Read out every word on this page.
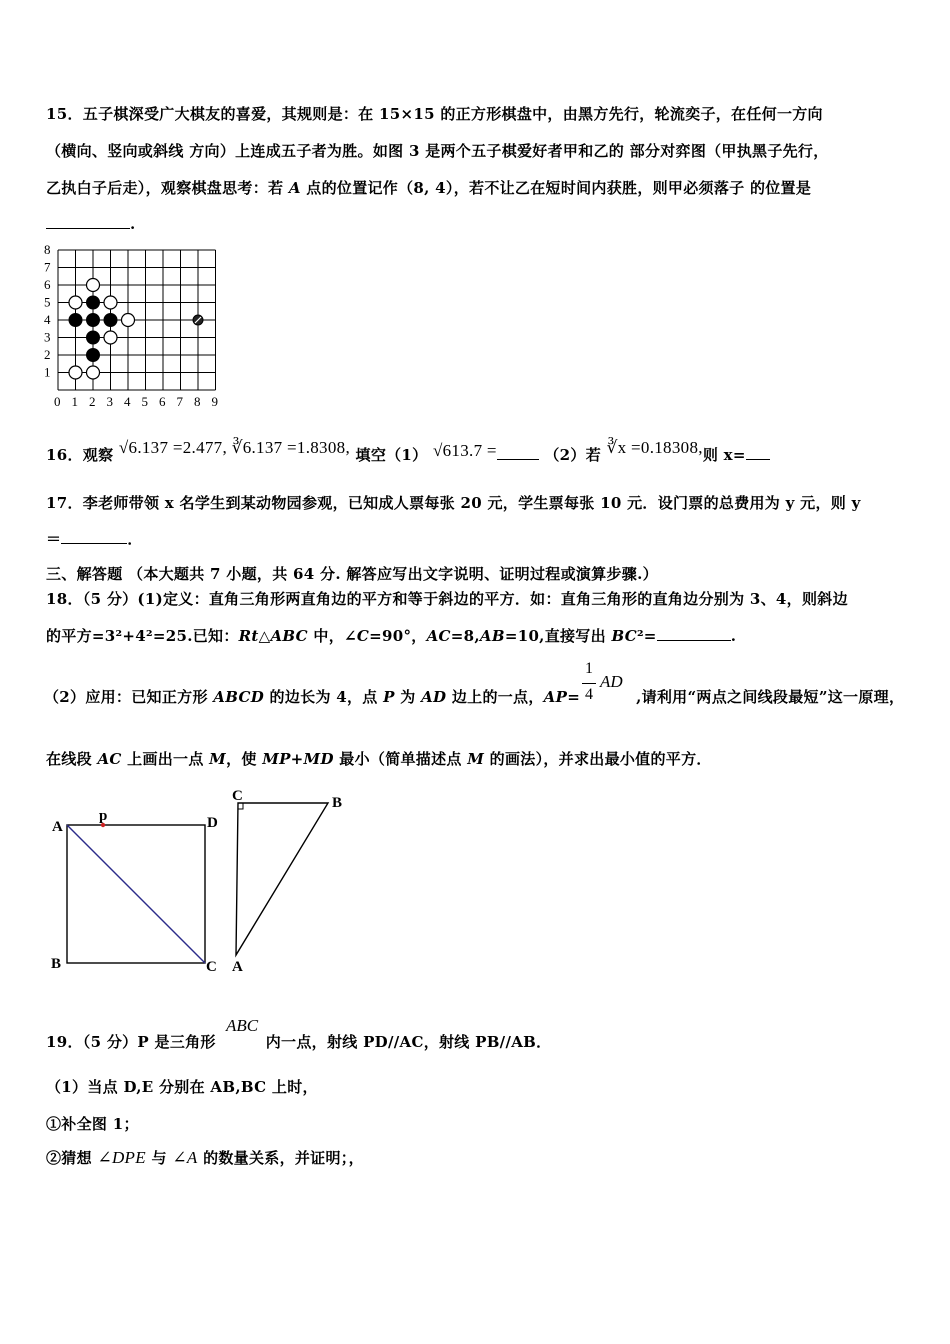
15．五子棋深受广大棋友的喜爱，其规则是：在 15×15 的正方形棋盘中，由黑方先行，轮流奕子，在任何一方向
（横向、竖向或斜线 方向）上连成五子者为胜。如图 3 是两个五子棋爱好者甲和乙的 部分对弈图（甲执黑子先行，
乙执白子后走），观察棋盘思考：若 A 点的位置记作（8, 4），若不让乙在短时间内获胜，则甲必须落子 的位置是
.
0 1 2 3 4 5 6 7 8 9
1
2
3
4
5
6
7
8
16．观察 √6.137 =2.477, ∛6.137 =1.8308, 填空（1） √613.7 =	（2）若 ∛x =0.18308,则 x=
17．李老师带领 x 名学生到某动物园参观，已知成人票每张 20 元，学生票每张 10 元．设门票的总费用为 y 元，则 y
＝	．
三、解答题 （本大题共 7 小题，共 64 分. 解答应写出文字说明、证明过程或演算步骤.）
18．（5 分）(1)定义：直角三角形两直角边的平方和等于斜边的平方．如：直角三角形的直角边分别为 3、4，则斜边
的平方=3²+4²=25.已知：Rt△ABC 中，∠C=90°，AC=8,AB=10,直接写出 BC²=	.
（2）应用：已知正方形 ABCD 的边长为 4，点 P 为 AD 边上的一点，AP=	,请利用“两点之间线段最短”这一原理，
1
4
AD
在线段 AC 上画出一点 M，使 MP+MD 最小（简单描述点 M 的画法），并求出最小值的平方．
A
p	D
B	C
C	B
A
19．（5 分）P 是三角形	内一点，射线 PD//AC，射线 PB//AB．
ABC
（1）当点 D,E 分别在 AB,BC 上时，
①补全图 1；
②猜想 ∠DPE 与 ∠A 的数量关系，并证明；，
